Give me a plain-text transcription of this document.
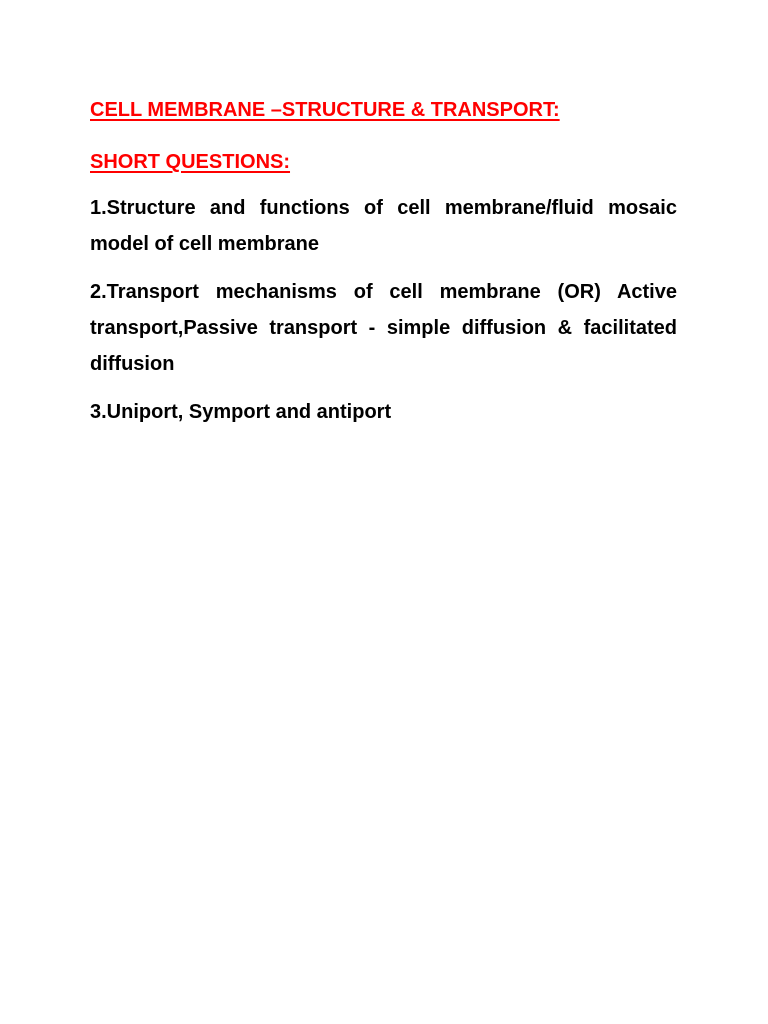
CELL MEMBRANE –STRUCTURE & TRANSPORT:

SHORT QUESTIONS:

1.Structure and functions of cell membrane/fluid mosaic model of cell membrane

2.Transport mechanisms of cell membrane (OR) Active transport,Passive transport - simple diffusion & facilitated diffusion

3.Uniport, Symport and antiport
